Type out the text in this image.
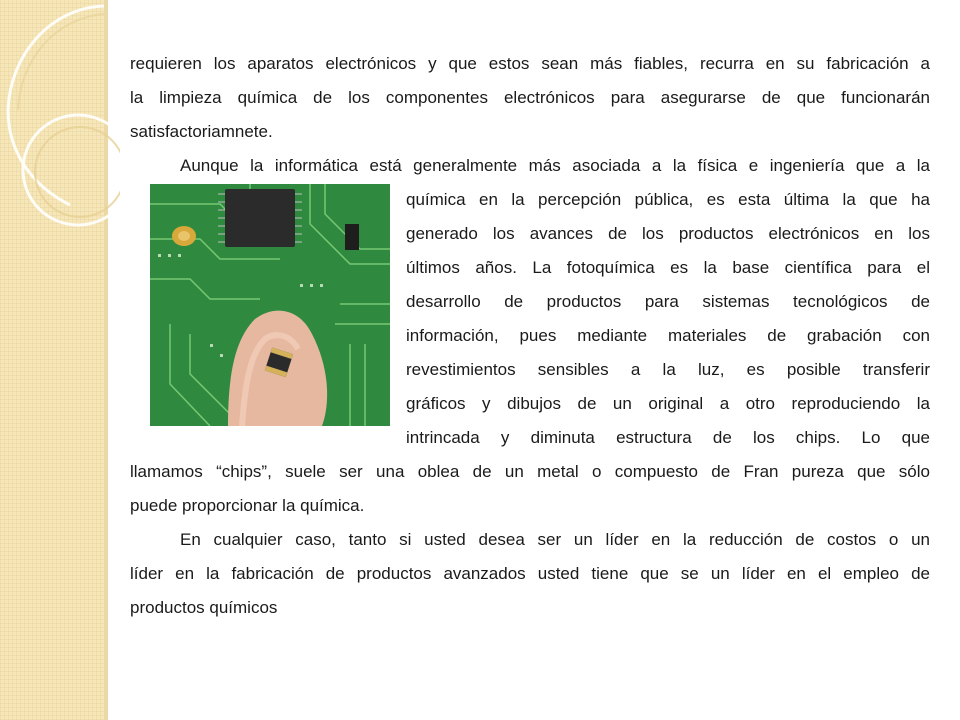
requieren los aparatos electrónicos y que estos sean más fiables, recurra en su fabricación a
la limpieza química de los componentes electrónicos para asegurarse de que funcionarán
satisfactoriamnete.
Aunque la informática está generalmente más asociada a la física e ingeniería que a la
química en la percepción pública, es esta última la que ha
generado los avances de los productos electrónicos en los
últimos años. La fotoquímica es la base científica para el
desarrollo de productos para sistemas tecnológicos de
información, pues mediante materiales de grabación con
revestimientos sensibles a la luz, es posible transferir
gráficos y dibujos de un original a otro reproduciendo la
intrincada y diminuta estructura de los chips. Lo que
llamamos “chips”, suele ser una oblea de un metal o compuesto de Fran pureza que sólo
puede proporcionar la química.
En cualquier caso, tanto si usted desea ser un líder en la reducción de costos o un
líder en la fabricación de productos avanzados usted tiene que se un líder en el empleo de
productos químicos
